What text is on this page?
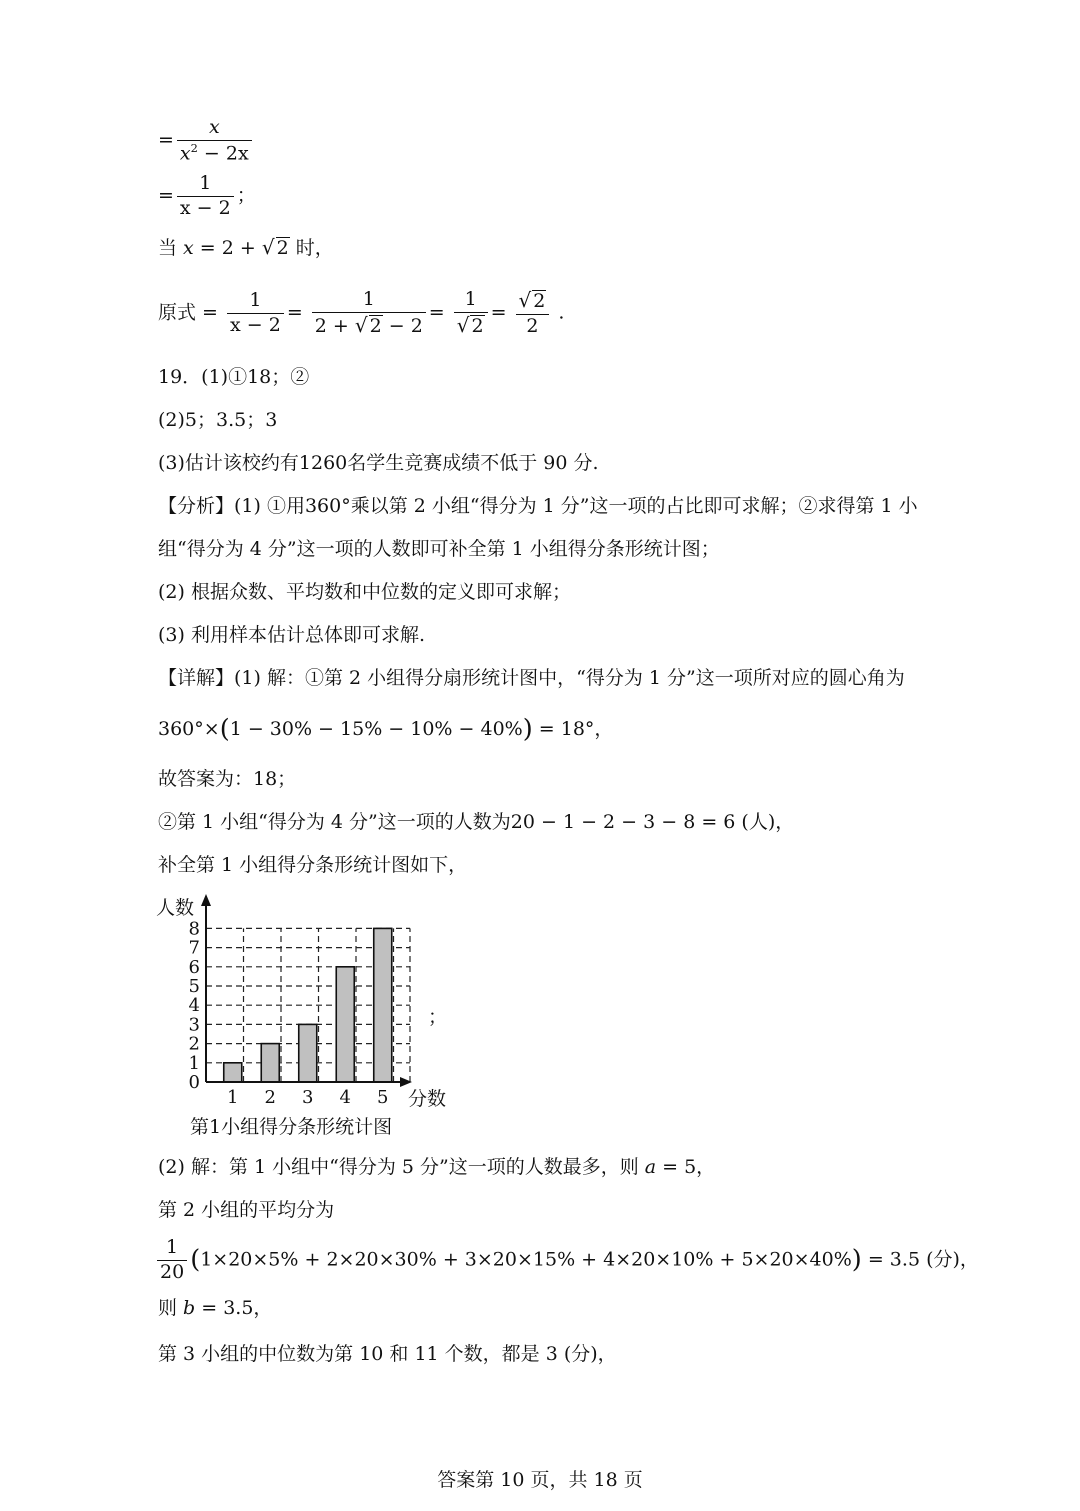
= $\frac{x}{x^2 - 2x}$
= $\frac{1}{x - 2}$ ；
当 x = 2 + √ 2 时，
原式 = $\frac{1}{x - 2} = \frac{1}{2 + √ 2 - 2} = \frac{1}{√ 2} = \frac{√ 2}{2}$ .
19．(1)①18；②
(2)5；3.5；3
(3)估计该校约有1260名学生竞赛成绩不低于 90 分.
【分析】(1) ①用360°乘以第 2 小组“得分为 1 分”这一项的占比即可求解；②求得第 1 小
组“得分为 4 分”这一项的人数即可补全第 1 小组得分条形统计图；
(2) 根据众数、平均数和中位数的定义即可求解；
(3) 利用样本估计总体即可求解.
【详解】(1) 解：①第 2 小组得分扇形统计图中，“得分为 1 分”这一项所对应的圆心角为
360°×(1 − 30% − 15% − 10% − 40%) = 18°，
故答案为：18；
②第 1 小组“得分为 4 分”这一项的人数为20 − 1 − 2 − 3 − 8 = 6 (人)，
补全第 1 小组得分条形统计图如下，
0
1
2
3
4
5
6
7
8
1 2 3 4 5
人数
分数
第1小组得分条形统计图
；
(2) 解：第 1 小组中“得分为 5 分”这一项的人数最多，则 a = 5，
第 2 小组的平均分为
$\frac{1}{20} (1\times 20\times 5\% + 2\times 20\times 30\% + 3\times 20\times 15\% + 4\times 20\times 10\% + 5\times 20\times 40\%) = 3.5$ (分)，
则 b = 3.5，
第 3 小组的中位数为第 10 和 11 个数，都是 3 (分)，
答案第 10 页，共 18 页
